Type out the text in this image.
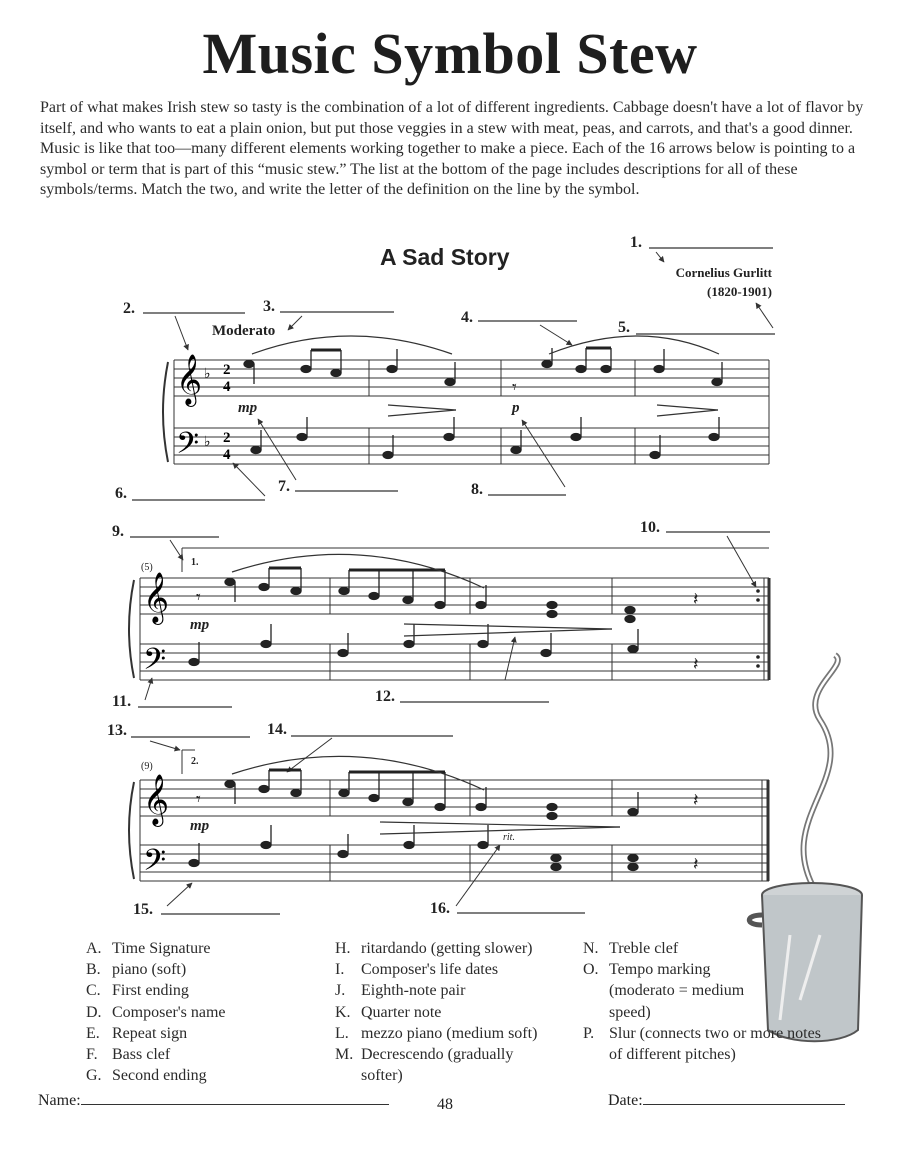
Music Symbol Stew
Part of what makes Irish stew so tasty is the combination of a lot of different ingredients. Cabbage doesn't have a lot of flavor by itself, and who wants to eat a plain onion, but put those veggies in a stew with meat, peas, and carrots, and that's a good dinner. Music is like that too—many different elements working together to make a piece. Each of the 16 arrows below is pointing to a symbol or term that is part of this “music stew.” The list at the bottom of the page includes descriptions for all of these symbols/terms. Match the two, and write the letter of the definition on the line by the symbol.
A Sad Story
Cornelius Gurlitt
(1820-1901)
Moderato
mp	p
mp
mp
rit.
(5)
(9)
1.
2.
1.
2.	3.
4.
5.
6.	7.	8.
9.	10.
11.	12.
13.	14.
15.	16.
𝄞
𝄢
2
4
2
4
♭
♭
𝄞
𝄢
𝄞
𝄢
𝄾
𝄾
𝄾
𝄽
𝄽
𝄽
𝄽
A. Time Signature
B. piano (soft)
C. First ending
D. Composer's name
E. Repeat sign
F. Bass clef
G. Second ending
H. ritardando (getting slower)
I.	Composer's life dates
J. Eighth-note pair
K. Quarter note
L. mezzo piano (medium soft)
M. Decrescendo (gradually softer)
N. Treble clef
O. Tempo marking (moderato = medium speed)
P. Slur (connects two or more notes of different pitches)
Name:	48	Date:
